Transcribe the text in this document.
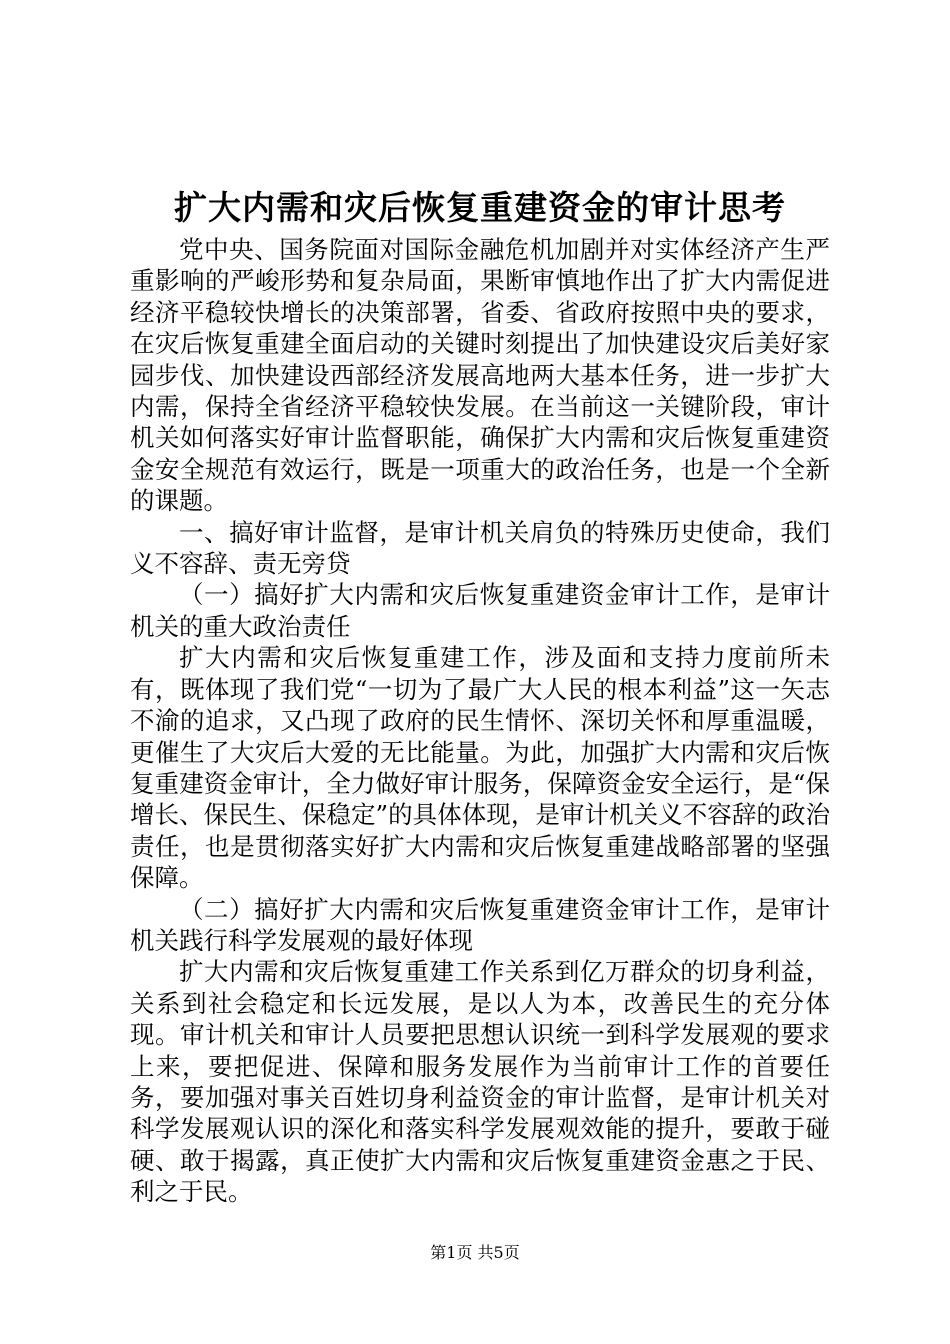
扩大内需和灾后恢复重建资金的审计思考

党中央、国务院面对国际金融危机加剧并对实体经济产生严重影响的严峻形势和复杂局面，果断审慎地作出了扩大内需促进经济平稳较快增长的决策部署，省委、省政府按照中央的要求，在灾后恢复重建全面启动的关键时刻提出了加快建设灾后美好家园步伐、加快建设西部经济发展高地两大基本任务，进一步扩大内需，保持全省经济平稳较快发展。在当前这一关键阶段，审计机关如何落实好审计监督职能，确保扩大内需和灾后恢复重建资金安全规范有效运行，既是一项重大的政治任务，也是一个全新的课题。

一、搞好审计监督，是审计机关肩负的特殊历史使命，我们义不容辞、责无旁贷

（一）搞好扩大内需和灾后恢复重建资金审计工作，是审计机关的重大政治责任

扩大内需和灾后恢复重建工作，涉及面和支持力度前所未有，既体现了我们党“一切为了最广大人民的根本利益”这一矢志不渝的追求，又凸现了政府的民生情怀、深切关怀和厚重温暖，更催生了大灾后大爱的无比能量。为此，加强扩大内需和灾后恢复重建资金审计，全力做好审计服务，保障资金安全运行，是“保增长、保民生、保稳定”的具体体现，是审计机关义不容辞的政治责任，也是贯彻落实好扩大内需和灾后恢复重建战略部署的坚强保障。

（二）搞好扩大内需和灾后恢复重建资金审计工作，是审计机关践行科学发展观的最好体现

扩大内需和灾后恢复重建工作关系到亿万群众的切身利益，关系到社会稳定和长远发展，是以人为本，改善民生的充分体现。审计机关和审计人员要把思想认识统一到科学发展观的要求上来，要把促进、保障和服务发展作为当前审计工作的首要任务，要加强对事关百姓切身利益资金的审计监督，是审计机关对科学发展观认识的深化和落实科学发展观效能的提升，要敢于碰硬、敢于揭露，真正使扩大内需和灾后恢复重建资金惠之于民、利之于民。

第1页 共5页
